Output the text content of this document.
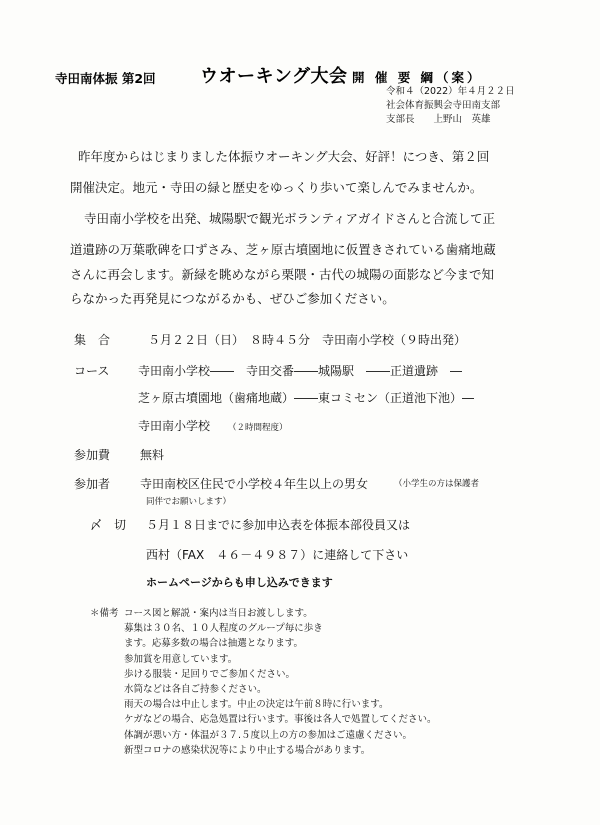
寺田南体振 第2回 ウオーキング大会 開 催 要 綱（案）
令和４（2022）年４月２２日
社会体育振興会寺田南支部
支部長　　上野山　英雄
昨年度からはじまりました体振ウオーキング大会、好評！につき、第２回
開催決定。地元・寺田の緑と歴史をゆっくり歩いて楽しんでみませんか。
寺田南小学校を出発、城陽駅で観光ボランティアガイドさんと合流して正
道遺跡の万葉歌碑を口ずさみ、芝ヶ原古墳園地に仮置きされている歯痛地蔵
さんに再会します。新緑を眺めながら栗隈・古代の城陽の面影など今まで知
らなかった再発見につながるかも、ぜひご参加ください。
集　合	５月２２日（日）　８時４５分　寺田南小学校（９時出発）
コース 寺田南小学校――　寺田交番――城陽駅　――正道遺跡　―
芝ヶ原古墳園地（歯痛地蔵）――東コミセン（正道池下池）―
寺田南小学校 （２時間程度）
参加費 無料
参加者 寺田南校区住民で小学校４年生以上の男女	（小学生の方は保護者
同伴でお願いします）
〆　切 ５月１８日までに参加申込表を体振本部役員又は
西村（FAX　４６－４９８７）に連絡して下さい
ホームページからも申し込みできます
＊備考 コース図と解説・案内は当日お渡しします。
募集は３０名、１０人程度のグループ毎に歩き
ます。応募多数の場合は抽選となります。
参加賞を用意しています。
歩ける服装・足回りでご参加ください。
水筒などは各自ご持参ください。
雨天の場合は中止します。中止の決定は午前８時に行います。
ケガなどの場合、応急処置は行います。事後は各人で処置してください。
体調が悪い方・体温が３７.５度以上の方の参加はご遠慮ください。
新型コロナの感染状況等により中止する場合があります。
